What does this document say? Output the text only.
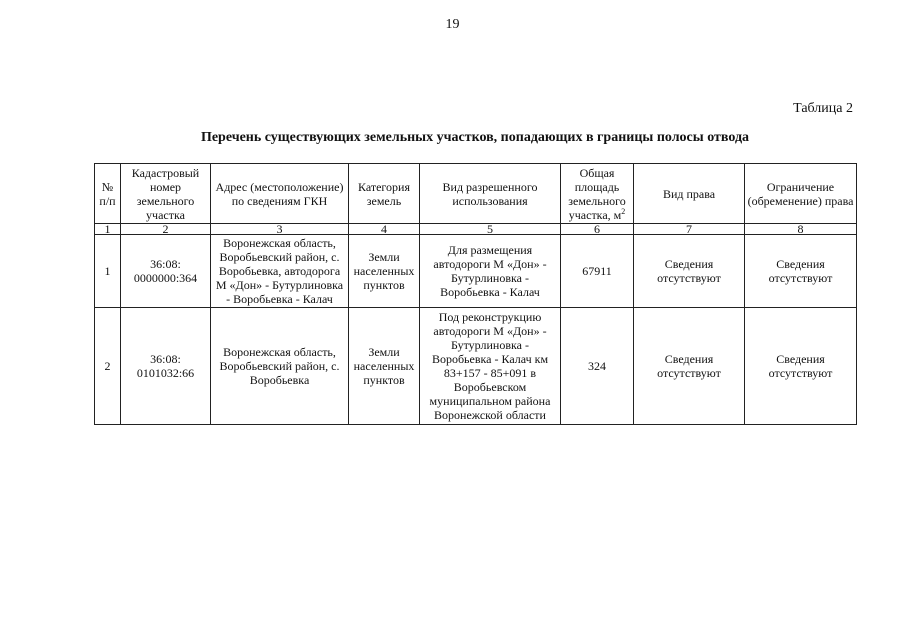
19
Таблица 2
Перечень существующих земельных участков, попадающих в границы полосы отвода
№ п/п	Кадастровый номер земельного участка	Адрес (местоположение) по сведениям ГКН	Категория земель	Вид разрешенного использования	Общая площадь земельного участка, $м^2$	Вид права	Ограничение (обременение) права
1	2	3	4	5	6	7	8
1	36:08: 0000000:364	Воронежская область, Воробьевский район, с. Воробьевка, автодорога М «Дон» - Бутурлиновка - Воробьевка - Калач	Земли населенных пунктов	Для размещения автодороги М «Дон» - Бутурлиновка - Воробьевка - Калач	67911	Сведения отсутствуют	Сведения отсутствуют
2	36:08: 0101032:66	Воронежская область, Воробьевский район, с. Воробьевка	Земли населенных пунктов	Под реконструкцию автодороги М «Дон» - Бутурлиновка - Воробьевка - Калач км 83+157 - 85+091 в Воробьевском муниципальном района Воронежской области	324	Сведения отсутствуют	Сведения отсутствуют
